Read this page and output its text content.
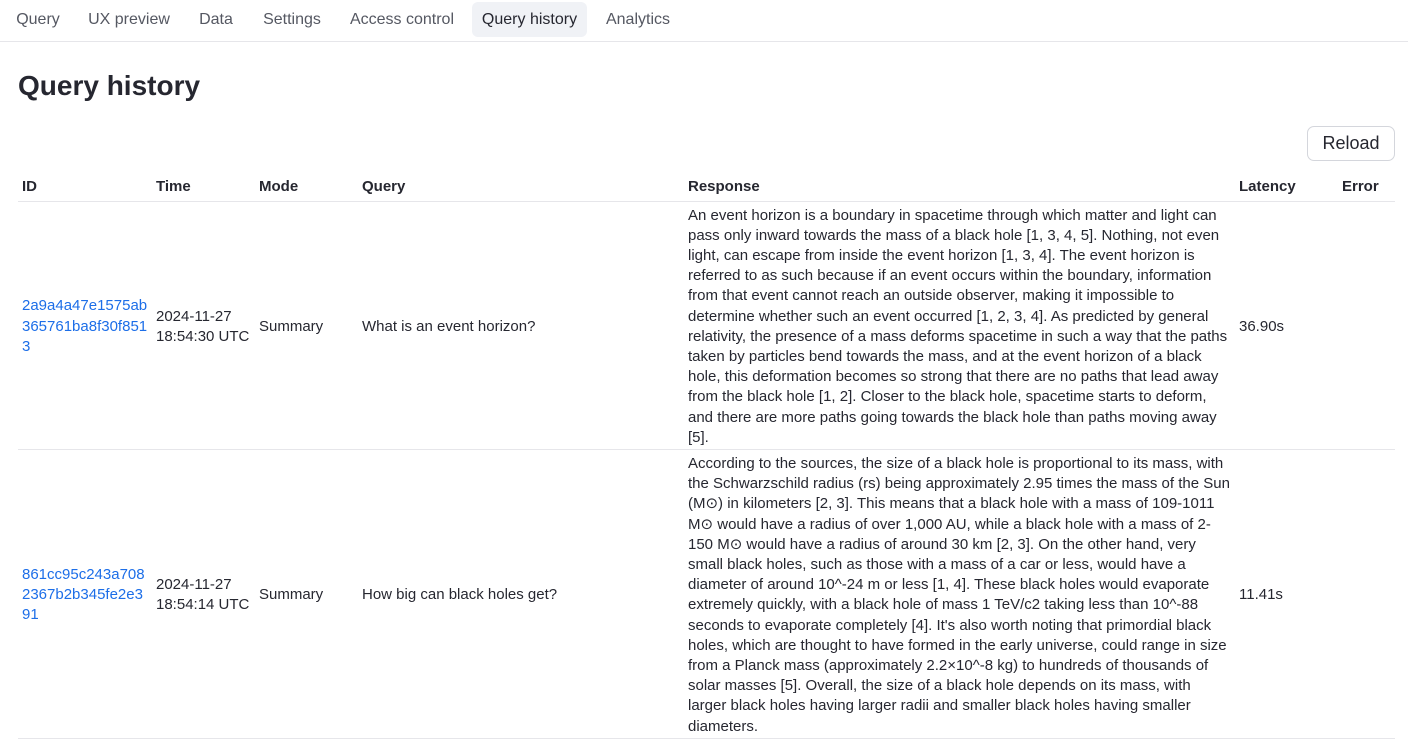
Query	UX preview	Data	Settings	Access control	Query history	Analytics
Query history
Reload
ID	Time	Mode	Query	Response	Latency	Error
2a9a4a47e1575ab365761ba8f30f8513	2024-11-27 18:54:30 UTC	Summary	What is an event horizon?	An event horizon is a boundary in spacetime through which matter and light can pass only inward towards the mass of a black hole [1, 3, 4, 5]. Nothing, not even light, can escape from inside the event horizon [1, 3, 4]. The event horizon is referred to as such because if an event occurs within the boundary, information from that event cannot reach an outside observer, making it impossible to determine whether such an event occurred [1, 2, 3, 4]. As predicted by general relativity, the presence of a mass deforms spacetime in such a way that the paths taken by particles bend towards the mass, and at the event horizon of a black hole, this deformation becomes so strong that there are no paths that lead away from the black hole [1, 2]. Closer to the black hole, spacetime starts to deform, and there are more paths going towards the black hole than paths moving away [5].	36.90s	
861cc95c243a7082367b2b345fe2e391	2024-11-27 18:54:14 UTC	Summary	How big can black holes get?	According to the sources, the size of a black hole is proportional to its mass, with the Schwarzschild radius (rs) being approximately 2.95 times the mass of the Sun (M⊙) in kilometers [2, 3]. This means that a black hole with a mass of 109-1011 M⊙ would have a radius of over 1,000 AU, while a black hole with a mass of 2-150 M⊙ would have a radius of around 30 km [2, 3]. On the other hand, very small black holes, such as those with a mass of a car or less, would have a diameter of around 10^-24 m or less [1, 4]. These black holes would evaporate extremely quickly, with a black hole of mass 1 TeV/c2 taking less than 10^-88 seconds to evaporate completely [4]. It's also worth noting that primordial black holes, which are thought to have formed in the early universe, could range in size from a Planck mass (approximately 2.2×10^-8 kg) to hundreds of thousands of solar masses [5]. Overall, the size of a black hole depends on its mass, with larger black holes having larger radii and smaller black holes having smaller diameters.	11.41s	
